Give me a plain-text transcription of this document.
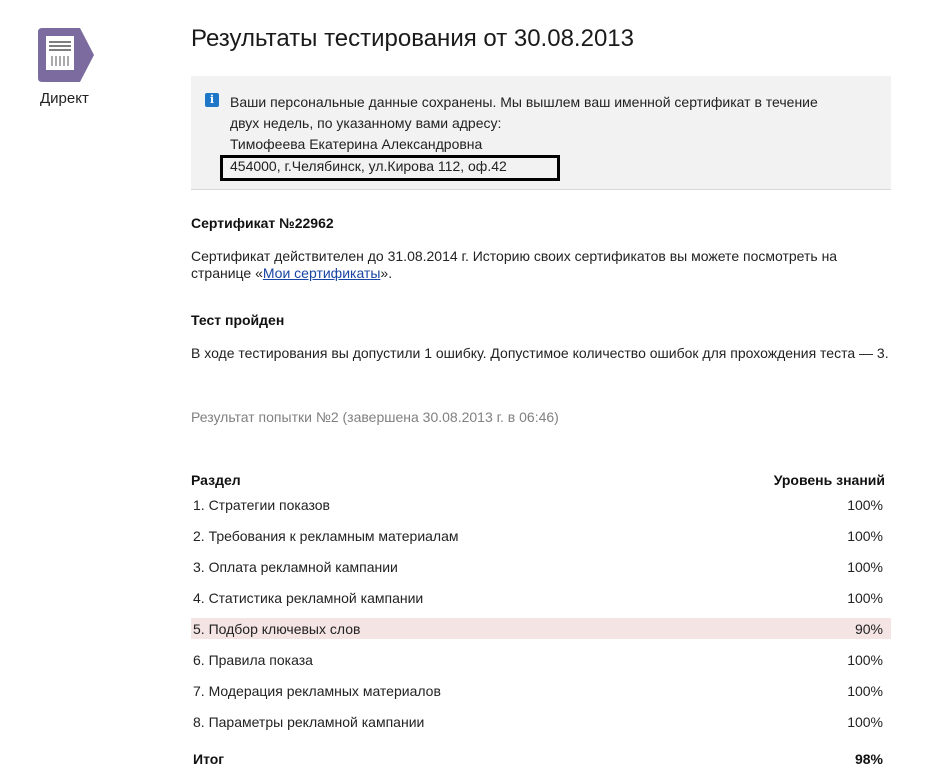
Директ
Результаты тестирования от 30.08.2013
i	Ваши персональные данные сохранены. Мы вышлем ваш именной сертификат в течение
двух недель, по указанному вами адресу:
Тимофеева Екатерина Александровна
454000, г.Челябинск, ул.Кирова 112, оф.42
Сертификат №22962
Сертификат действителен до 31.08.2014 г. Историю своих сертификатов вы можете посмотреть на странице «Мои сертификаты».
Тест пройден
В ходе тестирования вы допустили 1 ошибку. Допустимое количество ошибок для прохождения теста — 3.
Результат попытки №2 (завершена 30.08.2013 г. в 06:46)
Раздел	Уровень знаний
1. Стратегии показов	100%
2. Требования к рекламным материалам	100%
3. Оплата рекламной кампании	100%
4. Статистика рекламной кампании	100%
5. Подбор ключевых слов	90%
6. Правила показа	100%
7. Модерация рекламных материалов	100%
8. Параметры рекламной кампании	100%
Итог	98%
